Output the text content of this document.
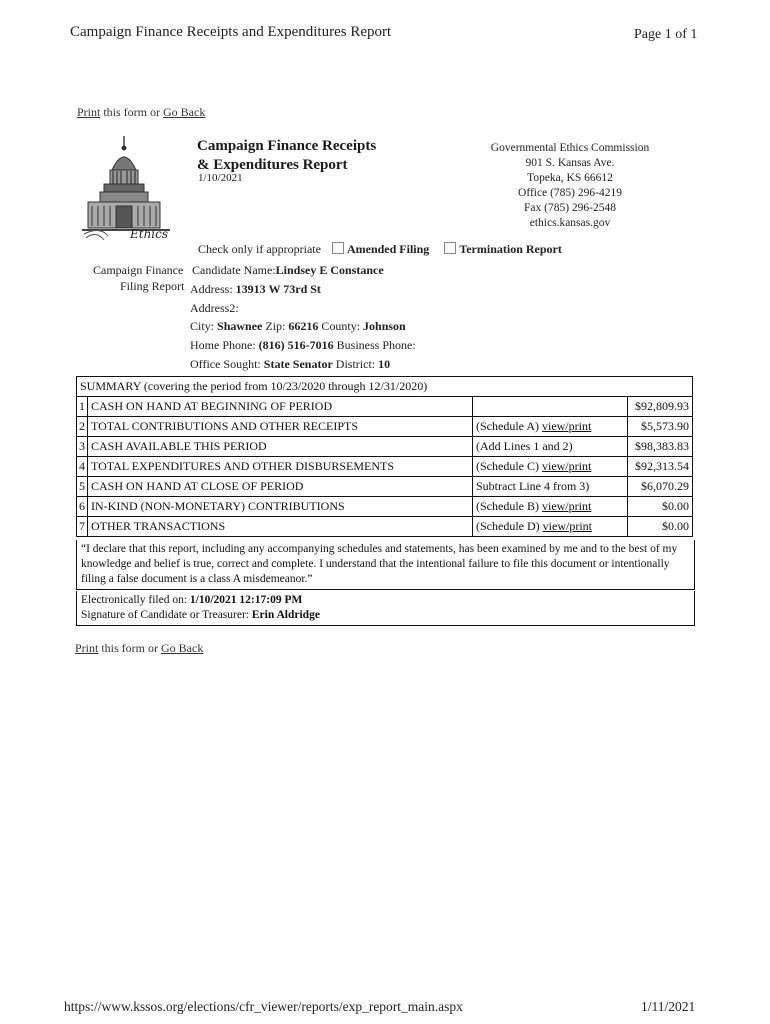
Campaign Finance Receipts and Expenditures Report	Page 1 of 1
Print this form or Go Back
Ethics
Campaign Finance Receipts
& Expenditures Report
1/10/2021
Governmental Ethics Commission
901 S. Kansas Ave.
Topeka, KS 66612
Office (785) 296-4219
Fax (785) 296-2548
ethics.kansas.gov
Check only if appropriate Amended Filing	Termination Report
Campaign Finance
Filing Report
Candidate Name:Lindsey E Constance
Address: 13913 W 73rd St
Address2:
City: Shawnee Zip: 66216 County: Johnson
Home Phone: (816) 516-7016 Business Phone:
Office Sought: State Senator District: 10
SUMMARY (covering the period from 10/23/2020 through 12/31/2020)			
1	CASH ON HAND AT BEGINNING OF PERIOD		$92,809.93
2	TOTAL CONTRIBUTIONS AND OTHER RECEIPTS	(Schedule A) view/print	$5,573.90
3	CASH AVAILABLE THIS PERIOD	(Add Lines 1 and 2)	$98,383.83
4	TOTAL EXPENDITURES AND OTHER DISBURSEMENTS	(Schedule C) view/print	$92,313.54
5	CASH ON HAND AT CLOSE OF PERIOD	Subtract Line 4 from 3)	$6,070.29
6	IN-KIND (NON-MONETARY) CONTRIBUTIONS	(Schedule B) view/print	$0.00
7	OTHER TRANSACTIONS	(Schedule D) view/print	$0.00
“I declare that this report, including any accompanying schedules and statements, has been examined by me and to the best of my knowledge and belief is true, correct and complete. I understand that the intentional failure to file this document or intentionally filing a false document is a class A misdemeanor.”
Electronically filed on: 1/10/2021 12:17:09 PM
Signature of Candidate or Treasurer: Erin Aldridge
Print this form or Go Back
https://www.kssos.org/elections/cfr_viewer/reports/exp_report_main.aspx	1/11/2021
